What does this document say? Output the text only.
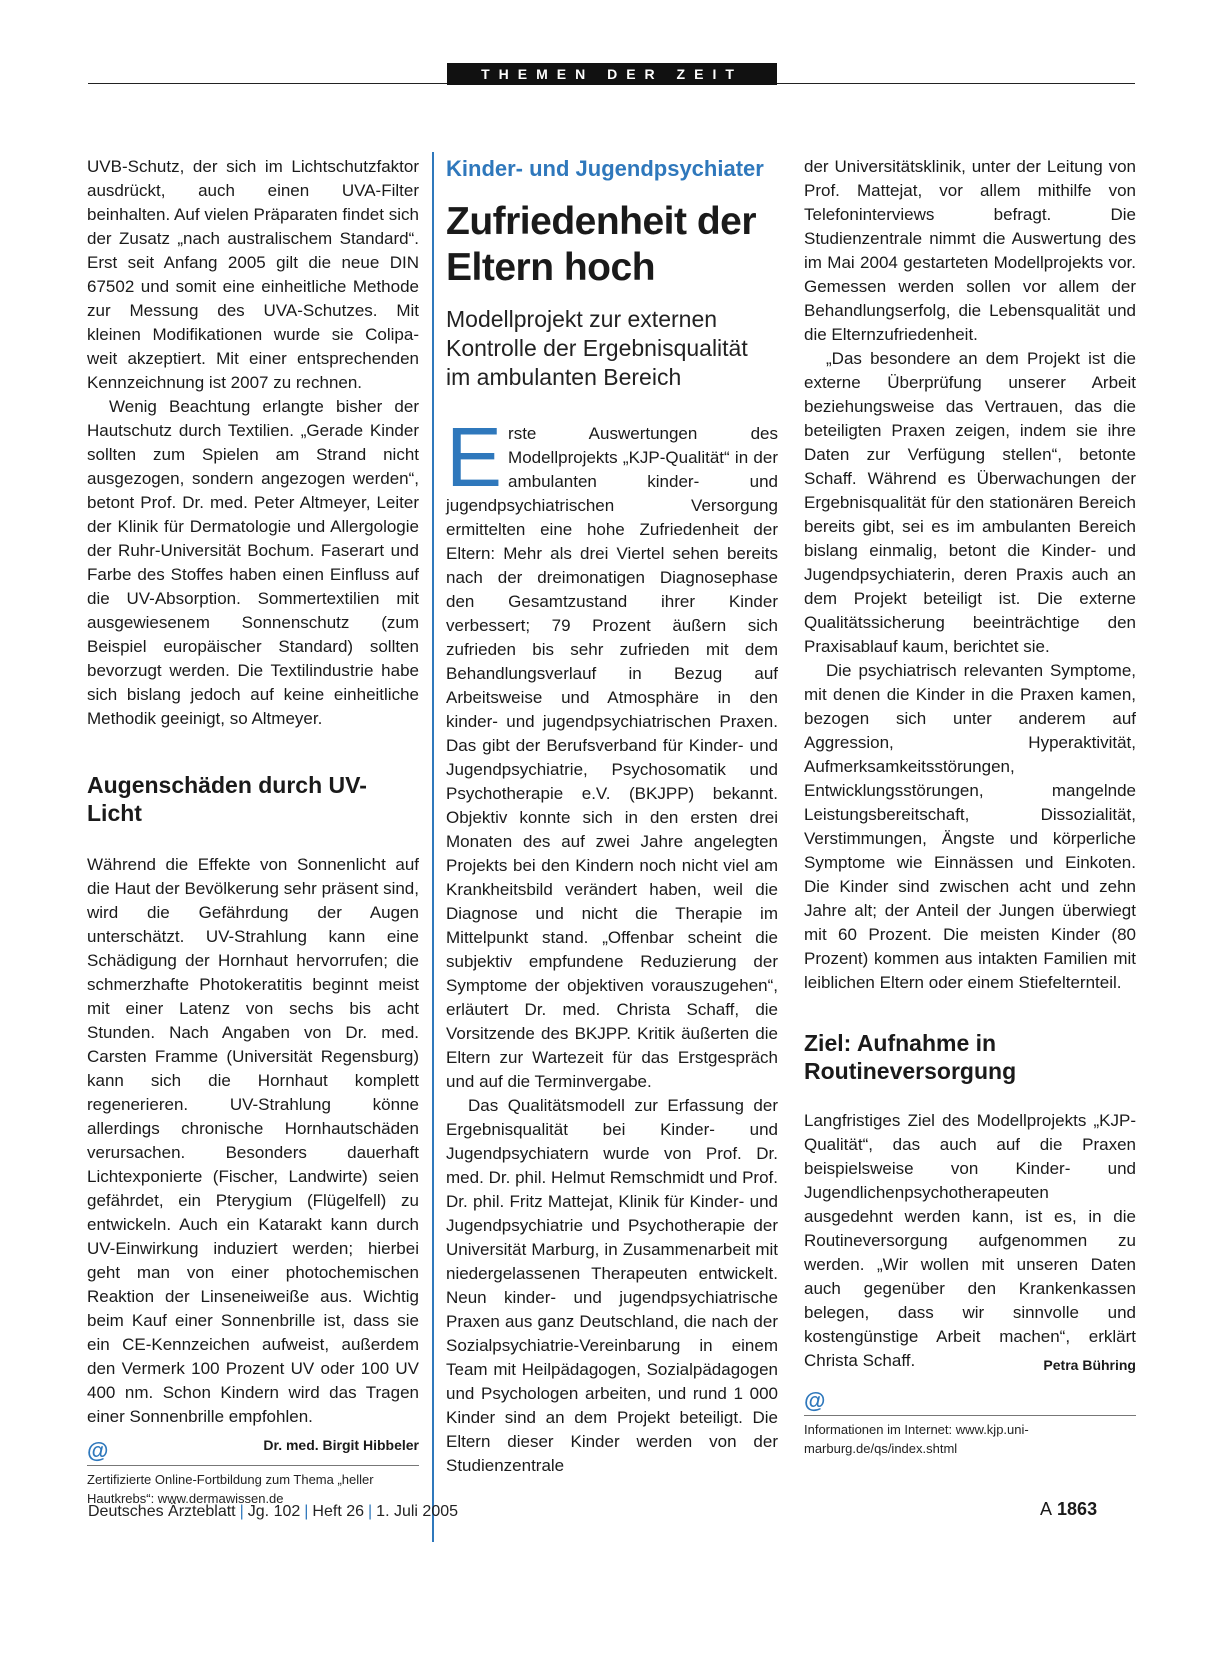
THEMEN DER ZEIT

UVB-Schutz, der sich im Lichtschutzfaktor ausdrückt, auch einen UVA-Filter beinhalten. Auf vielen Präparaten findet sich der Zusatz „nach australischem Standard“. Erst seit Anfang 2005 gilt die neue DIN 67502 und somit eine einheitliche Methode zur Messung des UVA-Schutzes. Mit kleinen Modifikationen wurde sie Colipa-weit akzeptiert. Mit einer entsprechenden Kennzeichnung ist 2007 zu rechnen.

Wenig Beachtung erlangte bisher der Hautschutz durch Textilien. „Gerade Kinder sollten zum Spielen am Strand nicht ausgezogen, sondern angezogen werden“, betont Prof. Dr. med. Peter Altmeyer, Leiter der Klinik für Dermatologie und Allergologie der Ruhr-Universität Bochum. Faserart und Farbe des Stoffes haben einen Einfluss auf die UV-Absorption. Sommertextilien mit ausgewiesenem Sonnenschutz (zum Beispiel europäischer Standard) sollten bevorzugt werden. Die Textilindustrie habe sich bislang jedoch auf keine einheitliche Methodik geeinigt, so Altmeyer.

Augenschäden durch UV-Licht

Während die Effekte von Sonnenlicht auf die Haut der Bevölkerung sehr präsent sind, wird die Gefährdung der Augen unterschätzt. UV-Strahlung kann eine Schädigung der Hornhaut hervorrufen; die schmerzhafte Photokeratitis beginnt meist mit einer Latenz von sechs bis acht Stunden. Nach Angaben von Dr. med. Carsten Framme (Universität Regensburg) kann sich die Hornhaut komplett regenerieren. UV-Strahlung könne allerdings chronische Hornhautschäden verursachen. Besonders dauerhaft Lichtexponierte (Fischer, Landwirte) seien gefährdet, ein Pterygium (Flügelfell) zu entwickeln. Auch ein Katarakt kann durch UV-Einwirkung induziert werden; hierbei geht man von einer photochemischen Reaktion der Linseneiweiße aus. Wichtig beim Kauf einer Sonnenbrille ist, dass sie ein CE-Kennzeichen aufweist, außerdem den Vermerk 100 Prozent UV oder 100 UV 400 nm. Schon Kindern wird das Tragen einer Sonnenbrille empfohlen.
Dr. med. Birgit Hibbeler

@
Zertifizierte Online-Fortbildung zum Thema „heller Hautkrebs“: www.dermawissen.de
Kinder- und Jugendpsychiater
Zufriedenheit der Eltern hoch
Modellprojekt zur externen Kontrolle der Ergebnisqualität im ambulanten Bereich

Erste Auswertungen des Modellprojekts „KJP-Qualität“ in der ambulanten kinder- und jugendpsychiatrischen Versorgung ermittelten eine hohe Zufriedenheit der Eltern: Mehr als drei Viertel sehen bereits nach der dreimonatigen Diagnosephase den Gesamtzustand ihrer Kinder verbessert; 79 Prozent äußern sich zufrieden bis sehr zufrieden mit dem Behandlungsverlauf in Bezug auf Arbeitsweise und Atmosphäre in den kinder- und jugendpsychiatrischen Praxen. Das gibt der Berufsverband für Kinder- und Jugendpsychiatrie, Psychosomatik und Psychotherapie e.V. (BKJPP) bekannt. Objektiv konnte sich in den ersten drei Monaten des auf zwei Jahre angelegten Projekts bei den Kindern noch nicht viel am Krankheitsbild verändert haben, weil die Diagnose und nicht die Therapie im Mittelpunkt stand. „Offenbar scheint die subjektiv empfundene Reduzierung der Symptome der objektiven vorauszugehen“, erläutert Dr. med. Christa Schaff, die Vorsitzende des BKJPP. Kritik äußerten die Eltern zur Wartezeit für das Erstgespräch und auf die Terminvergabe.

Das Qualitätsmodell zur Erfassung der Ergebnisqualität bei Kinder- und Jugendpsychiatern wurde von Prof. Dr. med. Dr. phil. Helmut Remschmidt und Prof. Dr. phil. Fritz Mattejat, Klinik für Kinder- und Jugendpsychiatrie und Psychotherapie der Universität Marburg, in Zusammenarbeit mit niedergelassenen Therapeuten entwickelt. Neun kinder- und jugendpsychiatrische Praxen aus ganz Deutschland, die nach der Sozialpsychiatrie-Vereinbarung in einem Team mit Heilpädagogen, Sozialpädagogen und Psychologen arbeiten, und rund 1 000 Kinder sind an dem Projekt beteiligt. Die Eltern dieser Kinder werden von der Studienzentrale

der Universitätsklinik, unter der Leitung von Prof. Mattejat, vor allem mithilfe von Telefoninterviews befragt. Die Studienzentrale nimmt die Auswertung des im Mai 2004 gestarteten Modellprojekts vor. Gemessen werden sollen vor allem der Behandlungserfolg, die Lebensqualität und die Elternzufriedenheit.

„Das besondere an dem Projekt ist die externe Überprüfung unserer Arbeit beziehungsweise das Vertrauen, das die beteiligten Praxen zeigen, indem sie ihre Daten zur Verfügung stellen“, betonte Schaff. Während es Überwachungen der Ergebnisqualität für den stationären Bereich bereits gibt, sei es im ambulanten Bereich bislang einmalig, betont die Kinder- und Jugendpsychiaterin, deren Praxis auch an dem Projekt beteiligt ist. Die externe Qualitätssicherung beeinträchtige den Praxisablauf kaum, berichtet sie.

Die psychiatrisch relevanten Symptome, mit denen die Kinder in die Praxen kamen, bezogen sich unter anderem auf Aggression, Hyperaktivität, Aufmerksamkeitsstörungen, Entwicklungsstörungen, mangelnde Leistungsbereitschaft, Dissozialität, Verstimmungen, Ängste und körperliche Symptome wie Einnässen und Einkoten. Die Kinder sind zwischen acht und zehn Jahre alt; der Anteil der Jungen überwiegt mit 60 Prozent. Die meisten Kinder (80 Prozent) kommen aus intakten Familien mit leiblichen Eltern oder einem Stiefelternteil.

Ziel: Aufnahme in Routineversorgung

Langfristiges Ziel des Modellprojekts „KJP-Qualität“, das auch auf die Praxen beispielsweise von Kinder- und Jugendlichenpsychotherapeuten ausgedehnt werden kann, ist es, in die Routineversorgung aufgenommen zu werden. „Wir wollen mit unseren Daten auch gegenüber den Krankenkassen belegen, dass wir sinnvolle und kostengünstige Arbeit machen“, erklärt Christa Schaff.	Petra Bühring

@
Informationen im Internet: www.kjp.uni-marburg.de/qs/index.shtml
Deutsches Ärzteblatt | Jg. 102 | Heft 26 | 1. Juli 2005	A 1863
